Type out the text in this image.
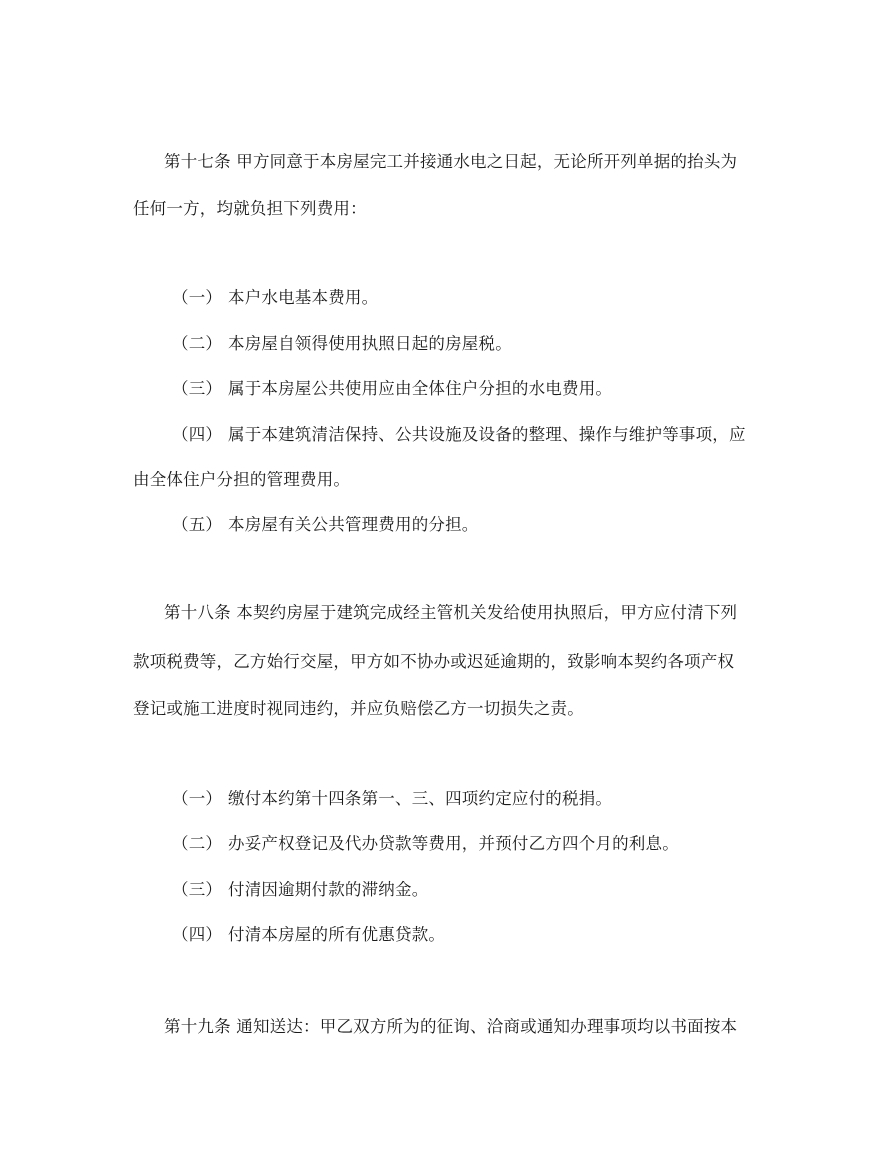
第十七条 甲方同意于本房屋完工并接通水电之日起，无论所开列单据的抬头为
任何一方，均就负担下列费用：
（一） 本户水电基本费用。
（二） 本房屋自领得使用执照日起的房屋税。
（三） 属于本房屋公共使用应由全体住户分担的水电费用。
（四） 属于本建筑清洁保持、公共设施及设备的整理、操作与维护等事项，应
由全体住户分担的管理费用。
（五） 本房屋有关公共管理费用的分担。
第十八条 本契约房屋于建筑完成经主管机关发给使用执照后，甲方应付清下列
款项税费等，乙方始行交屋，甲方如不协办或迟延逾期的，致影响本契约各项产权
登记或施工进度时视同违约，并应负赔偿乙方一切损失之责。
（一） 缴付本约第十四条第一、三、四项约定应付的税捐。
（二） 办妥产权登记及代办贷款等费用，并预付乙方四个月的利息。
（三） 付清因逾期付款的滞纳金。
（四） 付清本房屋的所有优惠贷款。
第十九条 通知送达：甲乙双方所为的征询、洽商或通知办理事项均以书面按本
